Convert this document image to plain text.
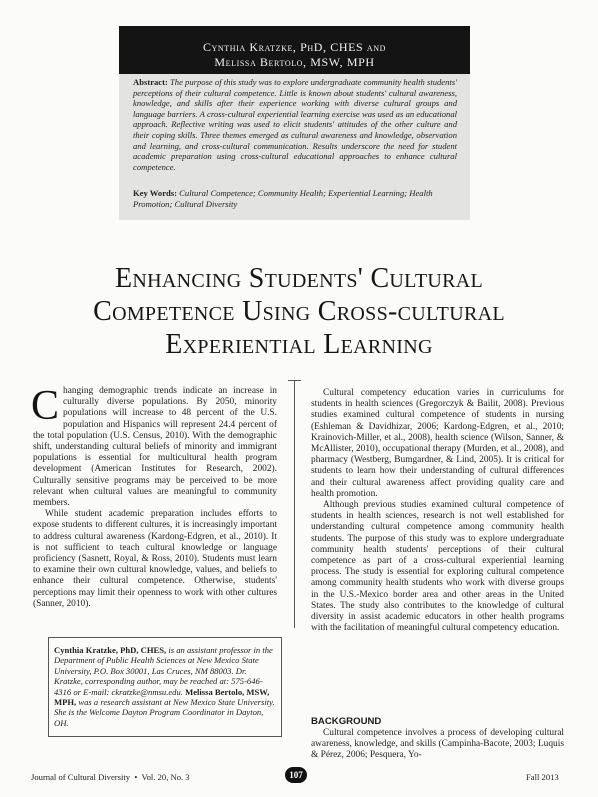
Cynthia Kratzke, PhD, CHES and
Melissa Bertolo, MSW, MPH
Abstract: The purpose of this study was to explore undergraduate community health students' perceptions of their cultural competence. Little is known about students' cultural awareness, knowledge, and skills after their experience working with diverse cultural groups and language barriers. A cross-cultural experiential learning exercise was used as an educational approach. Reflective writing was used to elicit students' attitudes of the other culture and their coping skills. Three themes emerged as cultural awareness and knowledge, observation and learning, and cross-cultural communication. Results underscore the need for student academic preparation using cross-cultural educational approaches to enhance cultural competence.
Key Words: Cultural Competence; Community Health; Experiential Learning; Health Promotion; Cultural Diversity
Enhancing Students' Cultural
Competence Using Cross-cultural
Experiential Learning

Changing demographic trends indicate an increase in culturally diverse populations. By 2050, minority populations will increase to 48 percent of the U.S. population and Hispanics will represent 24.4 percent of the total population (U.S. Census, 2010). With the demographic shift, understanding cultural beliefs of minority and immigrant populations is essential for multicultural health program development (American Institutes for Research, 2002). Culturally sensitive programs may be perceived to be more relevant when cultural values are meaningful to community members.

While student academic preparation includes efforts to expose students to different cultures, it is increasingly important to address cultural awareness (Kardong-Edgren, et al., 2010). It is not sufficient to teach cultural knowledge or language proficiency (Sasnett, Royal, & Ross, 2010). Students must learn to examine their own cultural knowledge, values, and beliefs to enhance their cultural competence. Otherwise, students' perceptions may limit their openness to work with other cultures (Sanner, 2010).

Cynthia Kratzke, PhD, CHES, is an assistant professor in the Department of Public Health Sciences at New Mexico State University, P.O. Box 30001, Las Cruces, NM 88003. Dr. Kratzke, corresponding author, may be reached at: 575-646-4316 or E-mail: ckratzke@nmsu.edu. Melissa Bertolo, MSW, MPH, was a research assistant at New Mexico State University. She is the Welcome Dayton Program Coordinator in Dayton, OH.

Cultural competency education varies in curriculums for students in health sciences (Gregorczyk & Bailit, 2008). Previous studies examined cultural competence of students in nursing (Eshleman & Davidhizar, 2006; Kardong-Edgren, et al., 2010; Krainovich-Miller, et al., 2008), health science (Wilson, Sanner, & McAllister, 2010), occupational therapy (Murden, et al., 2008), and pharmacy (Westberg, Bumgardner, & Lind, 2005). It is critical for students to learn how their understanding of cultural differences and their cultural awareness affect providing quality care and health promotion.

Although previous studies examined cultural competence of students in health sciences, research is not well established for understanding cultural competence among community health students. The purpose of this study was to explore undergraduate community health students' perceptions of their cultural competence as part of a cross-cultural experiential learning process. The study is essential for exploring cultural competence among community health students who work with diverse groups in the U.S.-Mexico border area and other areas in the United States. The study also contributes to the knowledge of cultural diversity in assist academic educators in other health programs with the facilitation of meaningful cultural competency education.

BACKGROUND

Cultural competence involves a process of developing cultural awareness, knowledge, and skills (Campinha-Bacote, 2003; Luquis & Pérez, 2006; Pesquera, Yo-

Journal of Cultural Diversity • Vol. 20, No. 3	107	Fall 2013
